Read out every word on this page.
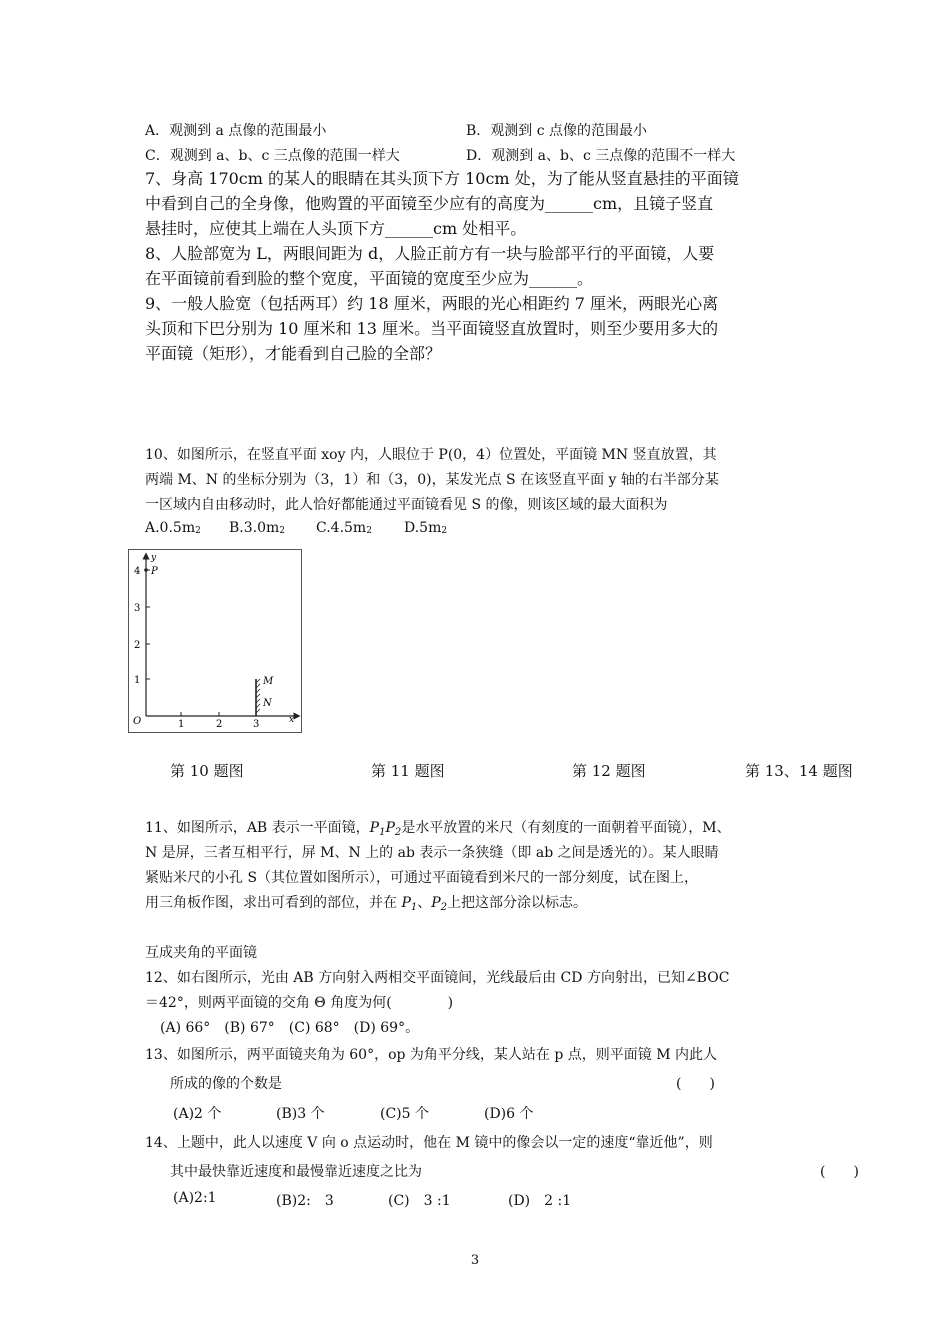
A．观测到 a 点像的范围最小	B．观测到 c 点像的范围最小
C．观测到 a、b、c 三点像的范围一样大	D．观测到 a、b、c 三点像的范围不一样大
7、身高 170cm 的某人的眼睛在其头顶下方 10cm 处，为了能从竖直悬挂的平面镜
中看到自己的全身像，他购置的平面镜至少应有的高度为______cm，且镜子竖直
悬挂时，应使其上端在人头顶下方______cm 处相平。
8、人脸部宽为 L，两眼间距为 d，人脸正前方有一块与脸部平行的平面镜，人要
在平面镜前看到脸的整个宽度，平面镜的宽度至少应为______。
9、一般人脸宽（包括两耳）约 18 厘米，两眼的光心相距约 7 厘米，两眼光心离
头顶和下巴分别为 10 厘米和 13 厘米。当平面镜竖直放置时，则至少要用多大的
平面镜（矩形），才能看到自己脸的全部？
10、如图所示，在竖直平面 xoy 内，人眼位于 P(0，4）位置处，平面镜 MN 竖直放置，其
两端 M、N 的坐标分别为（3，1）和（3，0)，某发光点 S 在该竖直平面 y 轴的右半部分某
一区域内自由移动时，此人恰好都能通过平面镜看见 S 的像，则该区域的最大面积为
A.0.5m2 B.3.0m2 C.4.5m2 D.5m2
y
x
O
4
3
2
1
1	2	3
P
M
N
第 10 题图	第 11 题图	第 12 题图	第 13、14 题图
11、如图所示，AB 表示一平面镜，$P_1P_2$是水平放置的米尺（有刻度的一面朝着平面镜），M、
N 是屏，三者互相平行，屏 M、N 上的 ab 表示一条狭缝（即 ab 之间是透光的）。某人眼睛
紧贴米尺的小孔 S（其位置如图所示），可通过平面镜看到米尺的一部分刻度，试在图上，
用三角板作图，求出可看到的部位，并在 $P_1$、$P_2$上把这部分涂以标志。
互成夹角的平面镜
12、如右图所示，光由 AB 方向射入两相交平面镜间，光线最后由 CD 方向射出，已知∠BOC
＝42°，则两平面镜的交角 Θ 角度为何(　　　　)
(A) 66°　(B) 67°　(C) 68°　(D) 69°。
13、如图所示，两平面镜夹角为 60°，op 为角平分线，某人站在 p 点，则平面镜 M 内此人
所成的像的个数是	(　　)
(A)2 个	(B)3 个	(C)5 个	(D)6 个
14、上题中，此人以速度 V 向 o 点运动时，他在 M 镜中的像会以一定的速度“靠近他”，则
其中最快靠近速度和最慢靠近速度之比为	(　　)
(A)2:1	(B)2:　3	(C)　3 :1	(D)　2 :1
3
